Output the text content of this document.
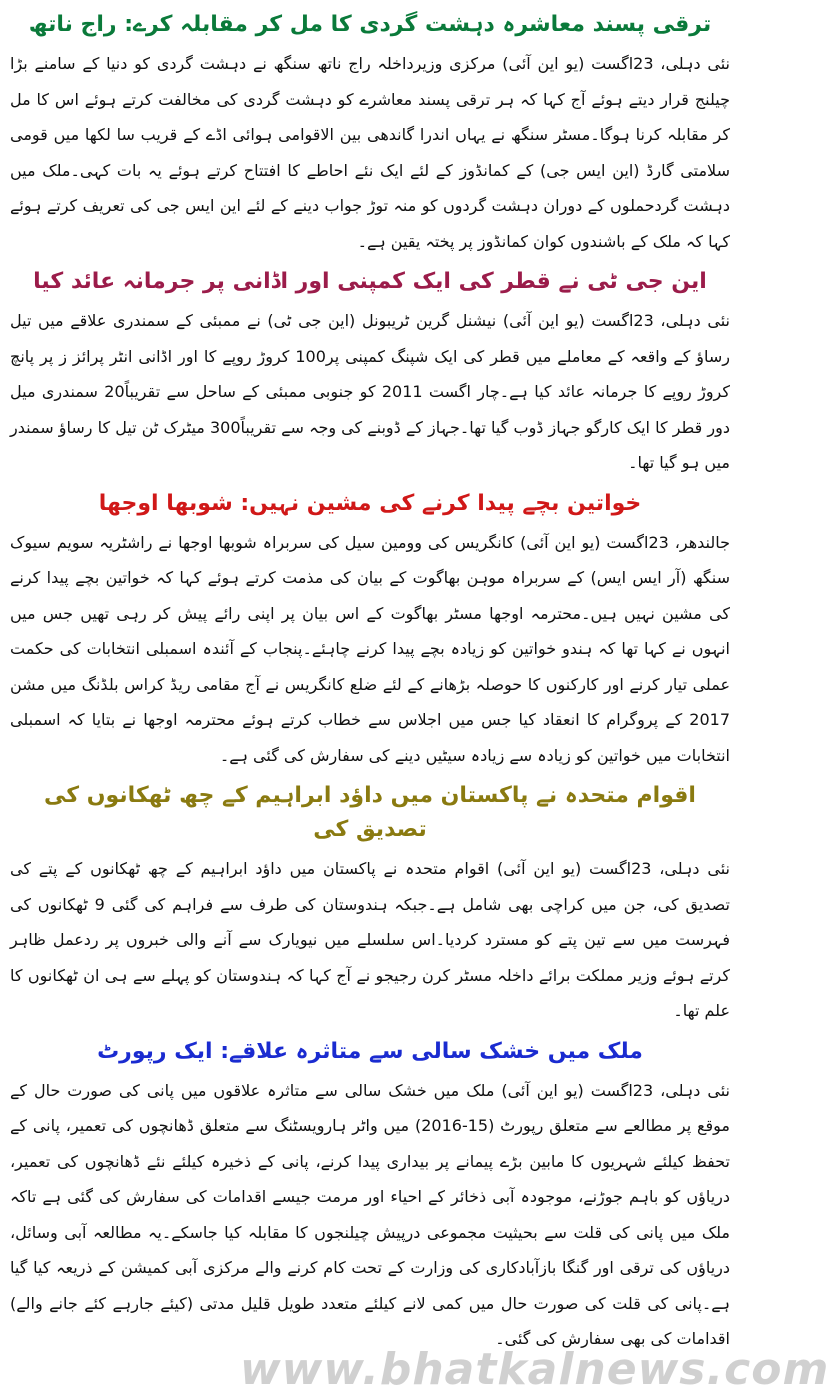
ترقی پسند معاشرہ دہشت گردی کا مل کر مقابلہ کرے: راج ناتھ

نئی دہلی، 23اگست (یو این آئی) مرکزی وزیرداخلہ راج ناتھ سنگھ نے دہشت گردی کو دنیا کے سامنے بڑا چیلنج قرار دیتے ہوئے آج کہا کہ ہر ترقی پسند معاشرے کو دہشت گردی کی مخالفت کرتے ہوئے اس کا مل کر مقابلہ کرنا ہوگا۔مسٹر سنگھ نے یہاں اندرا گاندھی بین الاقوامی ہوائی اڈے کے قریب سا لکھا میں قومی سلامتی گارڈ (این ایس جی) کے کمانڈوز کے لئے ایک نئے احاطے کا افتتاح کرتے ہوئے یہ بات کہی۔ملک میں دہشت گردحملوں کے دوران دہشت گردوں کو منہ توڑ جواب دینے کے لئے این ایس جی کی تعریف کرتے ہوئے کہا کہ ملک کے باشندوں کوان کمانڈوز پر پختہ یقین ہے۔

این جی ٹی نے قطر کی ایک کمپنی اور اڈانی پر جرمانہ عائد کیا

نئی دہلی، 23اگست (یو این آئی) نیشنل گرین ٹریبونل (این جی ٹی) نے ممبئی کے سمندری علاقے میں تیل رساؤ کے واقعہ کے معاملے میں قطر کی ایک شپنگ کمپنی پر100 کروڑ روپے کا اور اڈانی انٹر پرائز ز پر پانچ کروڑ روپے کا جرمانہ عائد کیا ہے۔چار اگست 2011 کو جنوبی ممبئی کے ساحل سے تقریباً20 سمندری میل دور قطر کا ایک کارگو جہاز ڈوب گیا تھا۔جہاز کے ڈوبنے کی وجہ سے تقریباً300 میٹرک ٹن تیل کا رساؤ سمندر میں ہو گیا تھا۔

خواتین بچے پیدا کرنے کی مشین نہیں: شوبھا اوجھا

جالندھر، 23اگست (یو این آئی) کانگریس کی وومین سیل کی سربراہ شوبھا اوجھا نے راشٹریہ سویم سیوک سنگھ (آر ایس ایس) کے سربراہ موہن بھاگوت کے بیان کی مذمت کرتے ہوئے کہا کہ خواتین بچے پیدا کرنے کی مشین نہیں ہیں۔محترمہ اوجھا مسٹر بھاگوت کے اس بیان پر اپنی رائے پیش کر رہی تھیں جس میں انہوں نے کہا تھا کہ ہندو خواتین کو زیادہ بچے پیدا کرنے چاہئے۔پنجاب کے آئندہ اسمبلی انتخابات کی حکمت عملی تیار کرنے اور کارکنوں کا حوصلہ بڑھانے کے لئے ضلع کانگریس نے آج مقامی ریڈ کراس بلڈنگ میں مشن 2017 کے پروگرام کا انعقاد کیا جس میں اجلاس سے خطاب کرتے ہوئے محترمہ اوجھا نے بتایا کہ اسمبلی انتخابات میں خواتین کو زیادہ سے زیادہ سیٹیں دینے کی سفارش کی گئی ہے۔

اقوام متحدہ نے پاکستان میں داؤد ابراہیم کے چھ ٹھکانوں کی تصدیق کی

نئی دہلی، 23اگست (یو این آئی) اقوام متحدہ نے پاکستان میں داؤد ابراہیم کے چھ ٹھکانوں کے پتے کی تصدیق کی، جن میں کراچی بھی شامل ہے۔جبکہ ہندوستان کی طرف سے فراہم کی گئی 9 ٹھکانوں کی فہرست میں سے تین پتے کو مسترد کردیا۔اس سلسلے میں نیویارک سے آنے والی خبروں پر ردعمل ظاہر کرتے ہوئے وزیر مملکت برائے داخلہ مسٹر کرن رجیجو نے آج کہا کہ ہندوستان کو پہلے سے ہی ان ٹھکانوں کا علم تھا۔

ملک میں خشک سالی سے متاثرہ علاقے: ایک رپورٹ

نئی دہلی، 23اگست (یو این آئی) ملک میں خشک سالی سے متاثرہ علاقوں میں پانی کی صورت حال کے موقع پر مطالعے سے متعلق رپورٹ (15-2016) میں واٹر ہارویسٹنگ سے متعلق ڈھانچوں کی تعمیر، پانی کے تحفظ کیلئے شہریوں کا مابین بڑے پیمانے پر بیداری پیدا کرنے، پانی کے ذخیرہ کیلئے نئے ڈھانچوں کی تعمیر، دریاؤں کو باہم جوڑنے، موجودہ آبی ذخائر کے احیاء اور مرمت جیسے اقدامات کی سفارش کی گئی ہے تاکہ ملک میں پانی کی قلت سے بحیثیت مجموعی درپیش چیلنجوں کا مقابلہ کیا جاسکے۔یہ مطالعہ آبی وسائل، دریاؤں کی ترقی اور گنگا بازآبادکاری کی وزارت کے تحت کام کرنے والے مرکزی آبی کمیشن کے ذریعہ کیا گیا ہے۔پانی کی قلت کی صورت حال میں کمی لانے کیلئے متعدد طویل قلیل مدتی (کیئے جارہے کئے جانے والے) اقدامات کی بھی سفارش کی گئی۔

www.bhatkalnews.com
